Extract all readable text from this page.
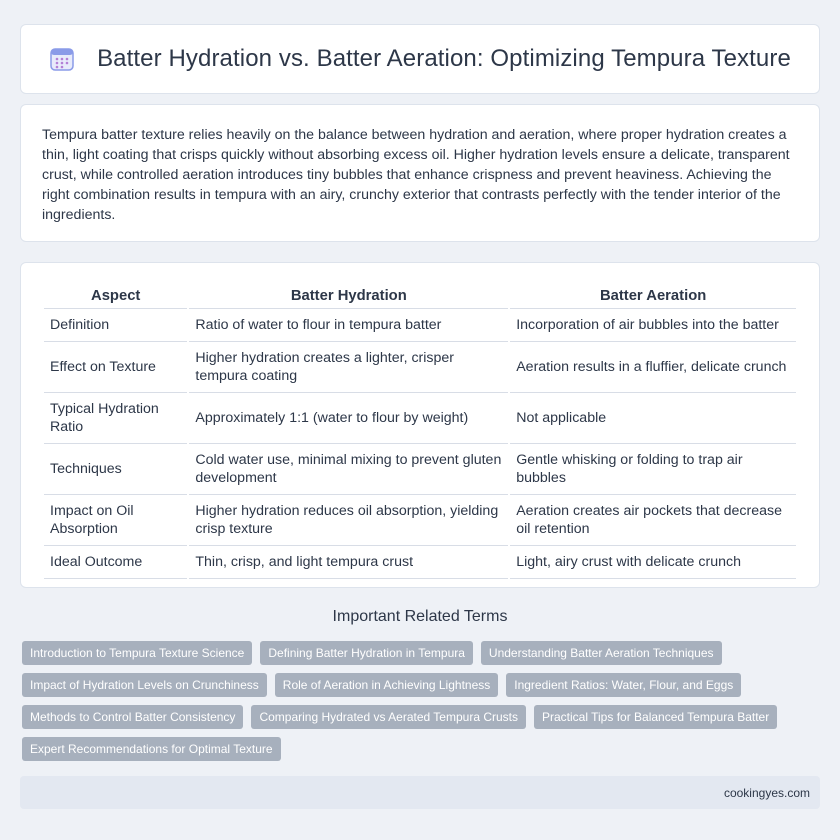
Batter Hydration vs. Batter Aeration: Optimizing Tempura Texture

Tempura batter texture relies heavily on the balance between hydration and aeration, where proper hydration creates a thin, light coating that crisps quickly without absorbing excess oil. Higher hydration levels ensure a delicate, transparent crust, while controlled aeration introduces tiny bubbles that enhance crispness and prevent heaviness. Achieving the right combination results in tempura with an airy, crunchy exterior that contrasts perfectly with the tender interior of the ingredients.

Aspect	Batter Hydration	Batter Aeration
Definition	Ratio of water to flour in tempura batter	Incorporation of air bubbles into the batter
Effect on Texture	Higher hydration creates a lighter, crisper tempura coating	Aeration results in a fluffier, delicate crunch
Typical Hydration Ratio	Approximately 1:1 (water to flour by weight)	Not applicable
Techniques	Cold water use, minimal mixing to prevent gluten development	Gentle whisking or folding to trap air bubbles
Impact on Oil Absorption	Higher hydration reduces oil absorption, yielding crisp texture	Aeration creates air pockets that decrease oil retention
Ideal Outcome	Thin, crisp, and light tempura crust	Light, airy crust with delicate crunch
Important Related Terms
Introduction to Tempura Texture Science	Defining Batter Hydration in Tempura	Understanding Batter Aeration Techniques
Impact of Hydration Levels on Crunchiness	Role of Aeration in Achieving Lightness	Ingredient Ratios: Water, Flour, and Eggs
Methods to Control Batter Consistency	Comparing Hydrated vs Aerated Tempura Crusts	Practical Tips for Balanced Tempura Batter
Expert Recommendations for Optimal Texture
cookingyes.com
